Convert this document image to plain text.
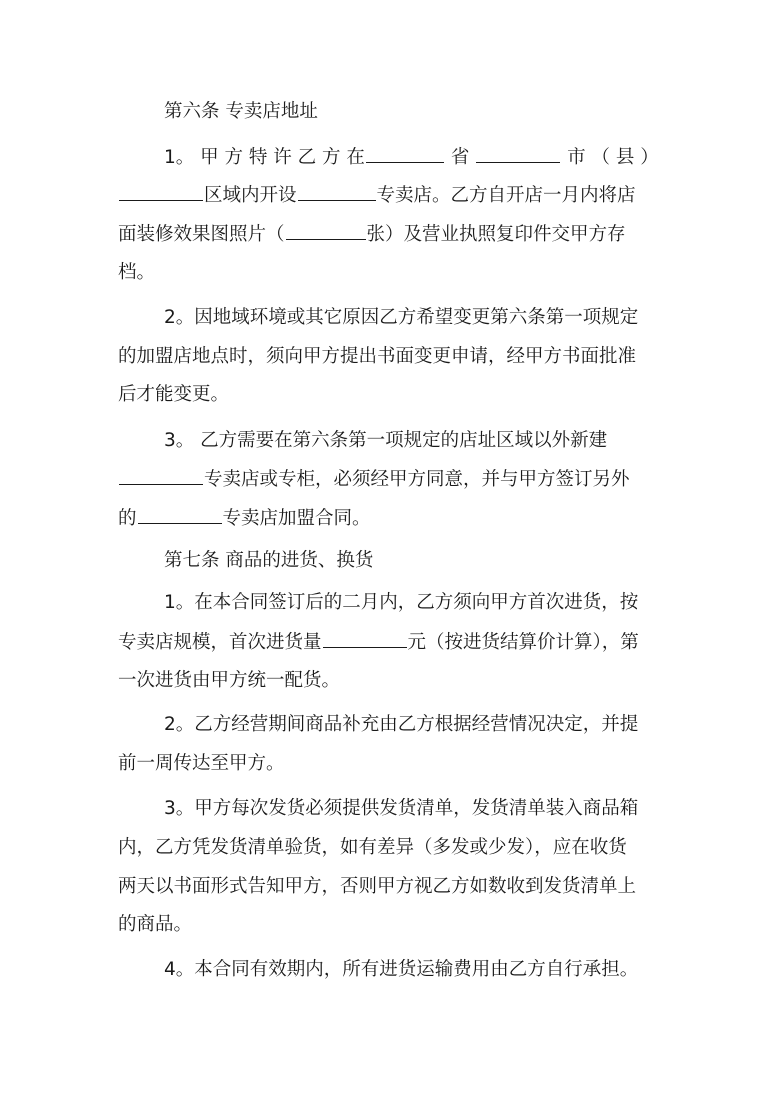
第六条 专卖店地址
1。 甲 方 特 许 乙 方 在	省	市 （ 县 ）
区域内开设	专卖店。乙方自开店一月内将店
面装修效果图照片（	张）及营业执照复印件交甲方存
档。
2。因地域环境或其它原因乙方希望变更第六条第一项规定
的加盟店地点时，须向甲方提出书面变更申请，经甲方书面批准
后才能变更。
3。 乙方需要在第六条第一项规定的店址区域以外新建
专卖店或专柜，必须经甲方同意，并与甲方签订另外
的	专卖店加盟合同。
第七条 商品的进货、换货
1。在本合同签订后的二月内，乙方须向甲方首次进货，按
专卖店规模，首次进货量	元（按进货结算价计算），第
一次进货由甲方统一配货。
2。乙方经营期间商品补充由乙方根据经营情况决定，并提
前一周传达至甲方。
3。甲方每次发货必须提供发货清单，发货清单装入商品箱
内，乙方凭发货清单验货，如有差异（多发或少发），应在收货
两天以书面形式告知甲方，否则甲方视乙方如数收到发货清单上
的商品。
4。本合同有效期内，所有进货运输费用由乙方自行承担。
